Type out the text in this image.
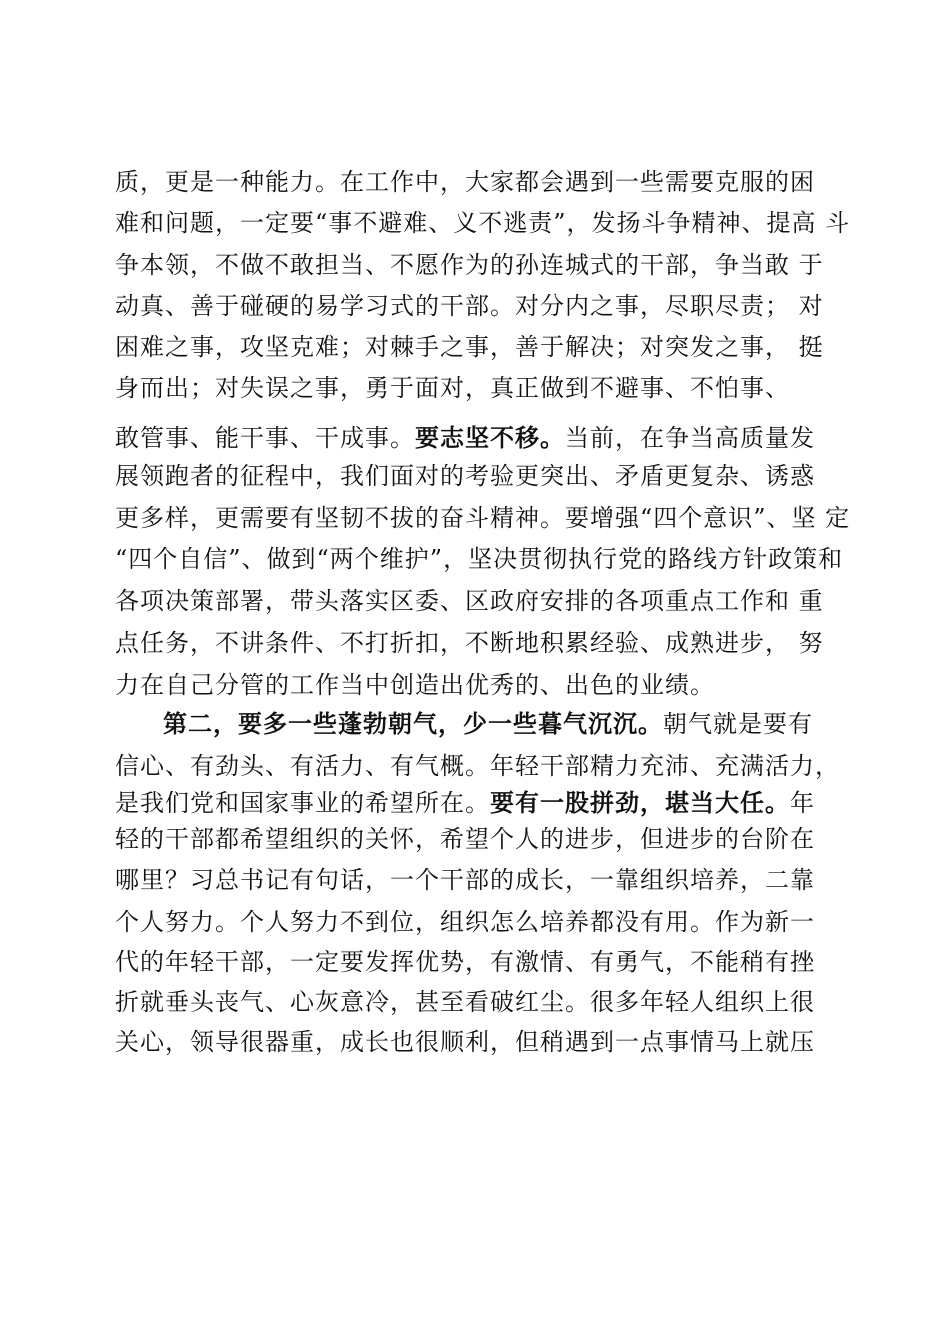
质，更是一种能力。在工作中，大家都会遇到一些需要克服的困
难和问题，一定要“事不避难、义不逃责”，发扬斗争精神、提高 斗
争本领，不做不敢担当、不愿作为的孙连城式的干部，争当敢 于
动真、善于碰硬的易学习式的干部。对分内之事，尽职尽责； 对
困难之事，攻坚克难；对棘手之事，善于解决；对突发之事， 挺
身而出；对失误之事，勇于面对，真正做到不避事、不怕事、
敢管事、能干事、干成事。要志坚不移。当前，在争当高质量发
展领跑者的征程中，我们面对的考验更突出、矛盾更复杂、诱惑
更多样，更需要有坚韧不拔的奋斗精神。要增强“四个意识”、坚 定
“四个自信”、做到“两个维护”，坚决贯彻执行党的路线方针政策和
各项决策部署，带头落实区委、区政府安排的各项重点工作和 重
点任务，不讲条件、不打折扣，不断地积累经验、成熟进步， 努
力在自己分管的工作当中创造出优秀的、出色的业绩。
第二，要多一些蓬勃朝气，少一些暮气沉沉。朝气就是要有
信心、有劲头、有活力、有气概。年轻干部精力充沛、充满活力，
是我们党和国家事业的希望所在。要有一股拼劲，堪当大任。年
轻的干部都希望组织的关怀，希望个人的进步，但进步的台阶在
哪里？习总书记有句话，一个干部的成长，一靠组织培养，二靠
个人努力。个人努力不到位，组织怎么培养都没有用。作为新一
代的年轻干部，一定要发挥优势，有激情、有勇气，不能稍有挫
折就垂头丧气、心灰意冷，甚至看破红尘。很多年轻人组织上很
关心，领导很器重，成长也很顺利，但稍遇到一点事情马上就压
